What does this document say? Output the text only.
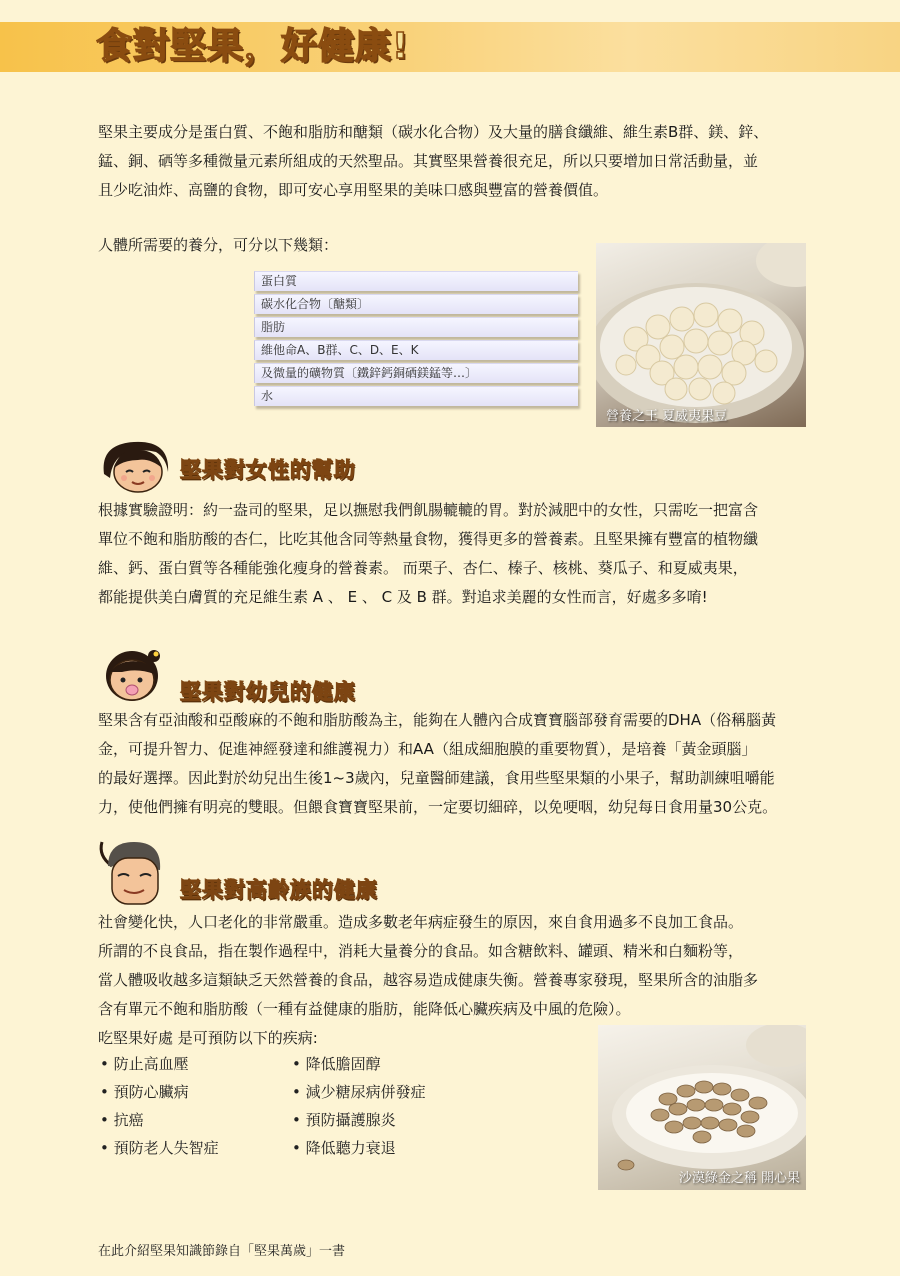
食對堅果，好健康!

堅果主要成分是蛋白質、不飽和脂肪和醣類（碳水化合物）及大量的膳食纖維、維生素B群、鎂、鋅、

錳、銅、硒等多種微量元素所組成的天然聖品。其實堅果營養很充足，所以只要增加日常活動量，並

且少吃油炸、高鹽的食物，即可安心享用堅果的美味口感與豐富的營養價值。

人體所需要的養分，可分以下幾類：
蛋白質
碳水化合物〔醣類〕
脂肪
維他命A、B群、C、D、E、K
及微量的礦物質〔鐵鋅鈣銅硒鎂錳等…〕
水
營養之王 夏威夷果豆
堅果對女性的幫助

根據實驗證明：約一盎司的堅果，足以撫慰我們飢腸轆轆的胃。對於減肥中的女性，只需吃一把富含

單位不飽和脂肪酸的杏仁，比吃其他含同等熱量食物，獲得更多的營養素。且堅果擁有豐富的植物纖

維、鈣、蛋白質等各種能強化瘦身的營養素。 而栗子、杏仁、榛子、核桃、葵瓜子、和夏威夷果，

都能提供美白膚質的充足維生素 A 、 E 、 C 及 B 群。對追求美麗的女性而言，好處多多唷!

堅果對幼兒的健康

堅果含有亞油酸和亞酸麻的不飽和脂肪酸為主，能夠在人體內合成寶寶腦部發育需要的DHA（俗稱腦黃

金，可提升智力、促進神經發達和維護視力）和AA（組成細胞膜的重要物質），是培養「黃金頭腦」

的最好選擇。因此對於幼兒出生後1~3歲內，兒童醫師建議，食用些堅果類的小果子，幫助訓練咀嚼能

力，使他們擁有明亮的雙眼。但餵食寶寶堅果前，一定要切細碎，以免哽咽，幼兒每日食用量30公克。

堅果對高齡族的健康

社會變化快，人口老化的非常嚴重。造成多數老年病症發生的原因，來自食用過多不良加工食品。

所謂的不良食品，指在製作過程中，消耗大量養分的食品。如含糖飲料、罐頭、精米和白麵粉等，

當人體吸收越多這類缺乏天然營養的食品，越容易造成健康失衡。營養專家發現，堅果所含的油脂多

含有單元不飽和脂肪酸（一種有益健康的脂肪，能降低心臟疾病及中風的危險）。

吃堅果好處 是可預防以下的疾病:

• 防止高血壓
• 預防心臟病
• 抗癌
• 預防老人失智症
• 降低膽固醇
• 減少糖尿病併發症
• 預防攝護腺炎
• 降低聽力衰退
沙漠綠金之稱 開心果
在此介紹堅果知識節錄自「堅果萬歲」一書
